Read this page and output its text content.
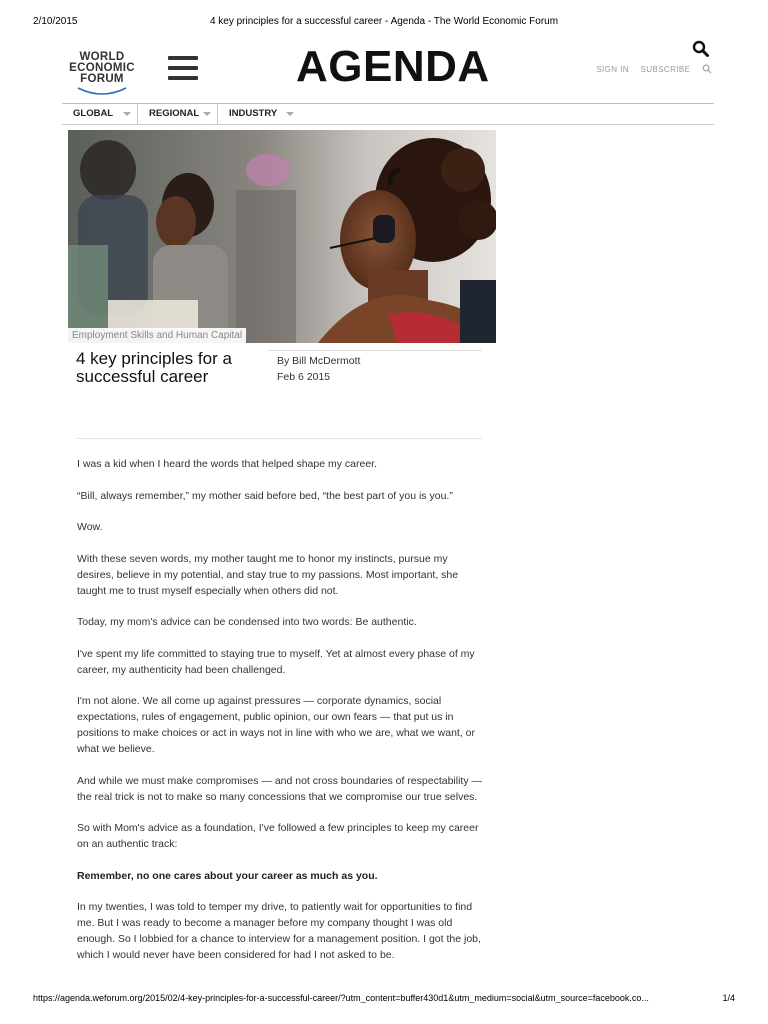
2/10/2015	4 key principles for a successful career - Agenda - The World Economic Forum
WORLD
ECONOMIC
FORUM	AGENDA	SIGN IN SUBSCRIBE
GLOBAL	REGIONAL	INDUSTRY
Employment Skills and Human Capital
4 key principles for a successful career
By Bill McDermott
Feb 6 2015

I was a kid when I heard the words that helped shape my career.

“Bill, always remember,” my mother said before bed, “the best part of you is you.”

Wow.

With these seven words, my mother taught me to honor my instincts, pursue my desires, believe in my potential, and stay true to my passions. Most important, she taught me to trust myself especially when others did not.

Today, my mom's advice can be condensed into two words: Be authentic.

I've spent my life committed to staying true to myself. Yet at almost every phase of my career, my authenticity had been challenged.

I'm not alone. We all come up against pressures — corporate dynamics, social expectations, rules of engagement, public opinion, our own fears — that put us in positions to make choices or act in ways not in line with who we are, what we want, or what we believe.

And while we must make compromises — and not cross boundaries of respectability — the real trick is not to make so many concessions that we compromise our true selves.

So with Mom's advice as a foundation, I've followed a few principles to keep my career on an authentic track:

Remember, no one cares about your career as much as you.

In my twenties, I was told to temper my drive, to patiently wait for opportunities to find me. But I was ready to become a manager before my company thought I was old enough. So I lobbied for a chance to interview for a management position. I got the job, which I would never have been considered for had I not asked to be.

https://agenda.weforum.org/2015/02/4-key-principles-for-a-successful-career/?utm_content=buffer430d1&utm_medium=social&utm_source=facebook.co...	1/4
